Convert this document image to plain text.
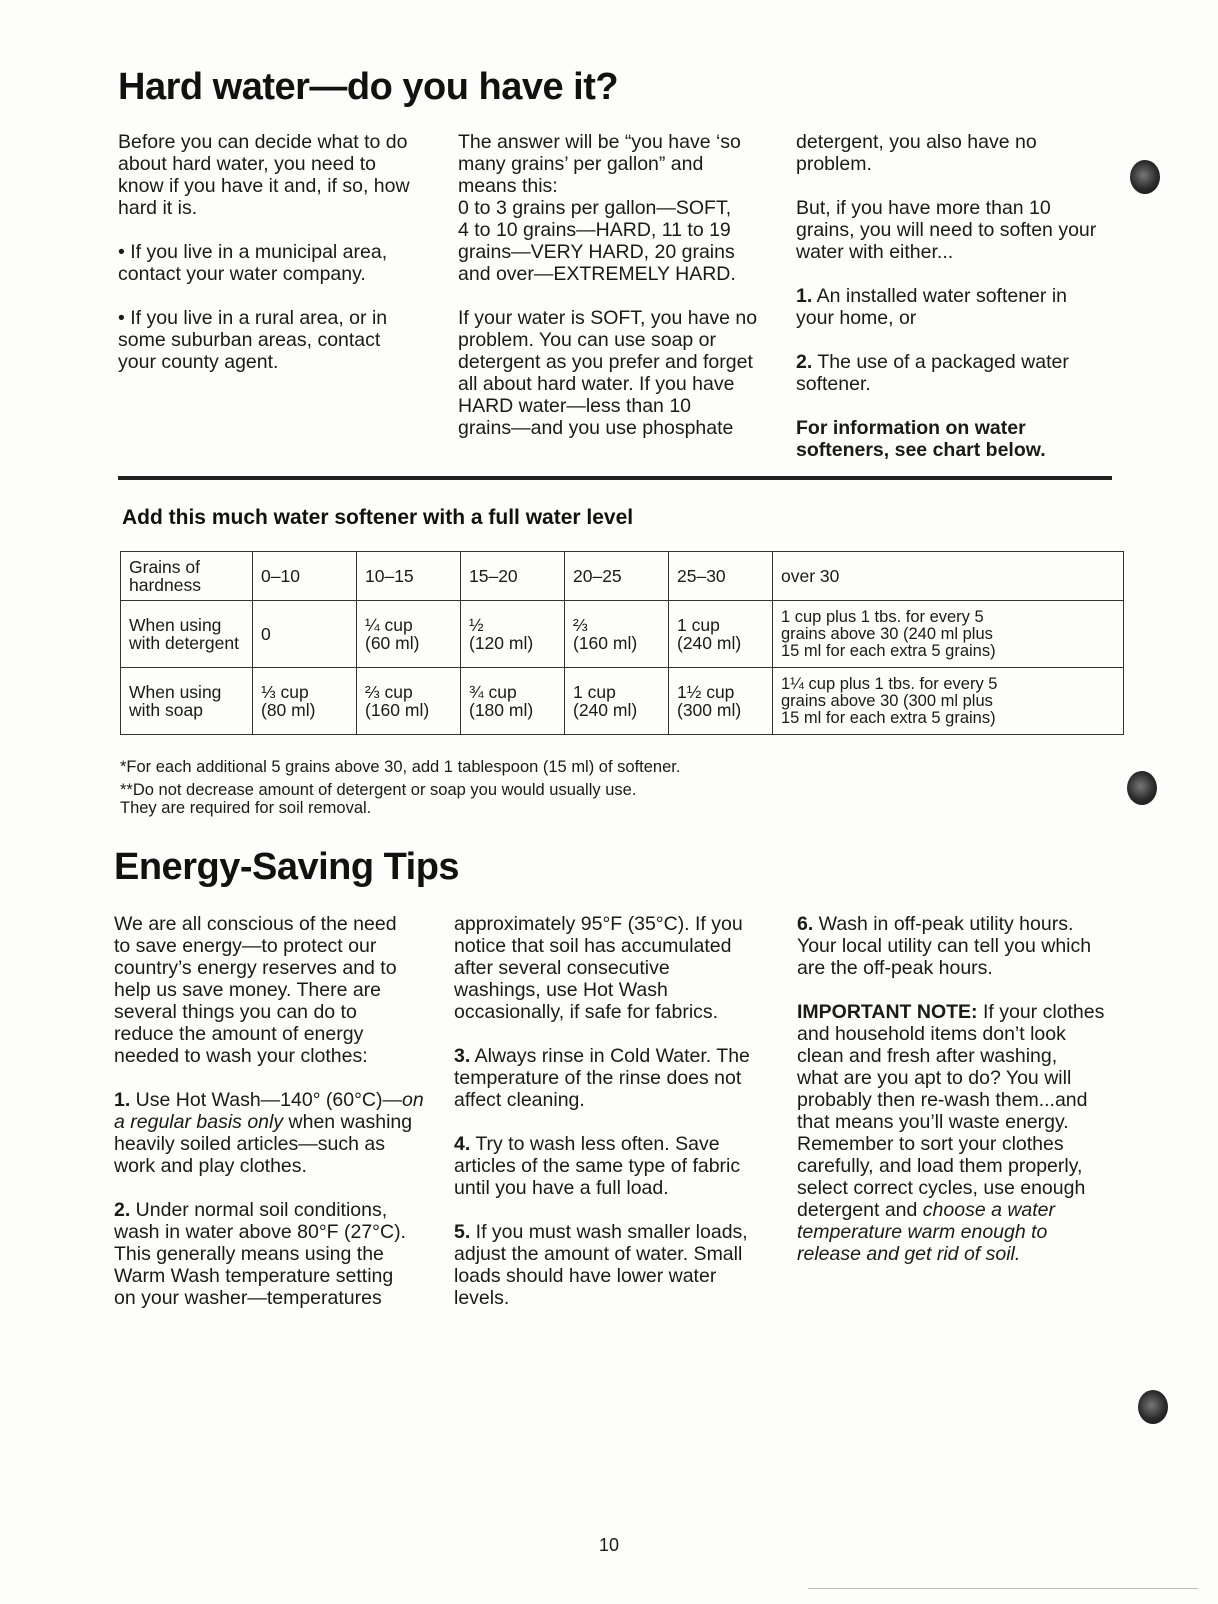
Hard water—do you have it?

Before you can decide what to do
about hard water, you need to
know if you have it and, if so, how
hard it is.

• If you live in a municipal area,
contact your water company.

• If you live in a rural area, or in
some suburban areas, contact
your county agent.

The answer will be “you have ‘so
many grains’ per gallon” and
means this:
0 to 3 grains per gallon—SOFT,
4 to 10 grains—HARD, 11 to 19
grains—VERY HARD, 20 grains
and over—EXTREMELY HARD.

If your water is SOFT, you have no
problem. You can use soap or
detergent as you prefer and forget
all about hard water. If you have
HARD water—less than 10
grains—and you use phosphate

detergent, you also have no
problem.

But, if you have more than 10
grains, you will need to soften your
water with either...

1. An installed water softener in
your home, or

2. The use of a packaged water
softener.

For information on water
softeners, see chart below.

Add this much water softener with a full water level
Grains of
hardness	0–10	10–15	15–20	20–25	25–30	over 30
When using
with detergent	0	¼ cup
(60 ml)	½
(120 ml)	⅔
(160 ml)	1 cup
(240 ml)	1 cup plus 1 tbs. for every 5
grains above 30 (240 ml plus
15 ml for each extra 5 grains)
When using
with soap	⅓ cup
(80 ml)	⅔ cup
(160 ml)	¾ cup
(180 ml)	1 cup
(240 ml)	1½ cup
(300 ml)	1¼ cup plus 1 tbs. for every 5
grains above 30 (300 ml plus
15 ml for each extra 5 grains)
*For each additional 5 grains above 30, add 1 tablespoon (15 ml) of softener.
**Do not decrease amount of detergent or soap you would usually use.
They are required for soil removal.
Energy-Saving Tips

We are all conscious of the need
to save energy—to protect our
country’s energy reserves and to
help us save money. There are
several things you can do to
reduce the amount of energy
needed to wash your clothes:

1. Use Hot Wash—140° (60°C)—on
a regular basis only when washing
heavily soiled articles—such as
work and play clothes.

2. Under normal soil conditions,
wash in water above 80°F (27°C).
This generally means using the
Warm Wash temperature setting
on your washer—temperatures

approximately 95°F (35°C). If you
notice that soil has accumulated
after several consecutive
washings, use Hot Wash
occasionally, if safe for fabrics.

3. Always rinse in Cold Water. The
temperature of the rinse does not
affect cleaning.

4. Try to wash less often. Save
articles of the same type of fabric
until you have a full load.

5. If you must wash smaller loads,
adjust the amount of water. Small
loads should have lower water
levels.

6. Wash in off-peak utility hours.
Your local utility can tell you which
are the off-peak hours.

IMPORTANT NOTE: If your clothes
and household items don’t look
clean and fresh after washing,
what are you apt to do? You will
probably then re-wash them...and
that means you’ll waste energy.
Remember to sort your clothes
carefully, and load them properly,
select correct cycles, use enough
detergent and choose a water
temperature warm enough to
release and get rid of soil.

10
